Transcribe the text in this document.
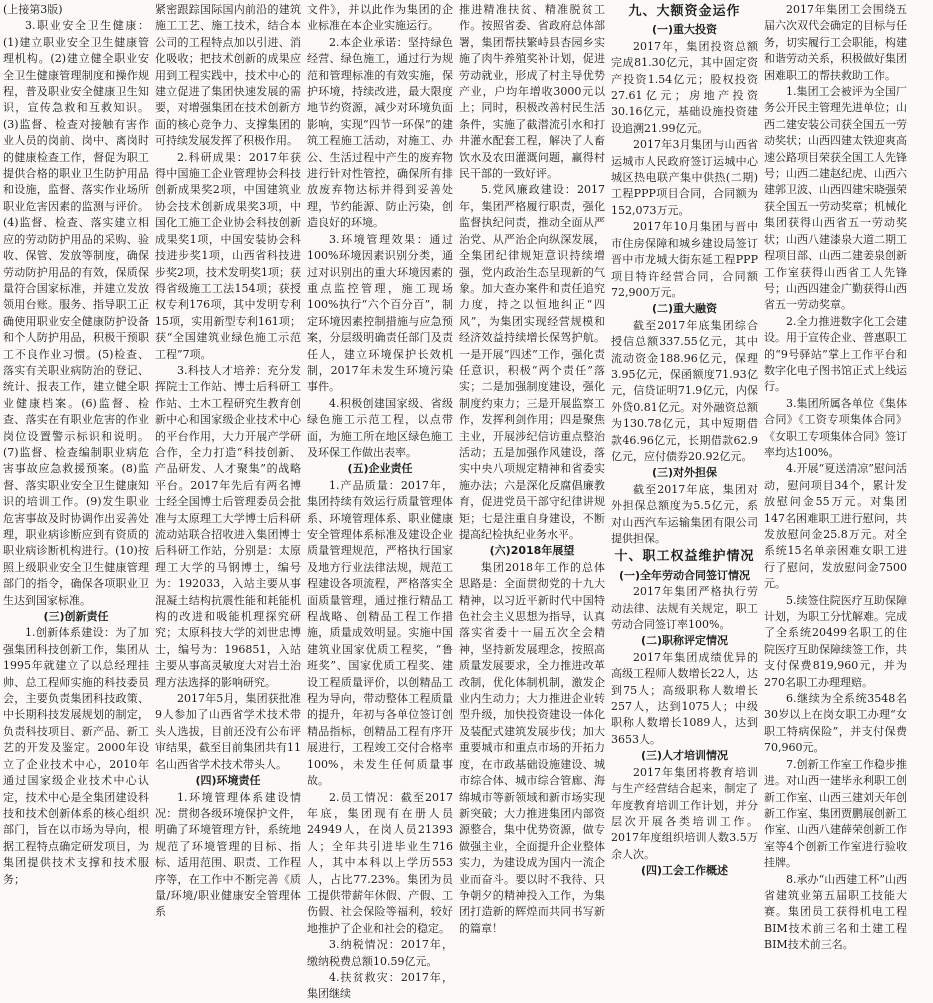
(上接第3版)

3.职业安全卫生健康：(1)建立职业安全卫生健康管理机构。(2)建立健全职业安全卫生健康管理制度和操作规程，普及职业安全健康卫生知识，宣传急救和互救知识。(3)监督、检查对接触有害作业人员的岗前、岗中、离岗时的健康检查工作，督促为职工提供合格的职业卫生防护用品和设施，监督、落实作业场所职业危害因素的监测与评价。(4)监督、检查、落实建立相应的劳动防护用品的采购、验收、保管、发放等制度，确保劳动防护用品的有效，保质保量符合国家标准，并建立发放领用台账。服务、指导职工正确使用职业安全健康防护设备和个人防护用品，积极干预职工不良作业习惯。(5)检查、落实有关职业病防治的登记、统计、报表工作，建立健全职业健康档案。(6)监督、检查、落实在有职业危害的作业岗位设置警示标识和说明。(7)监督、检查编制职业病危害事故应急救援预案。(8)监督、落实职业安全卫生健康知识的培训工作。(9)发生职业危害事故及时协调作出妥善处理，职业病诊断应到有资质的职业病诊断机构进行。(10)按照上级职业安全卫生健康管理部门的指令，确保各项职业卫生达到国家标准。

(三)创新责任

1.创新体系建设：为了加强集团科技创新工作，集团从1995年就建立了以总经理挂帅、总工程师实施的科技委员会，主要负责集团科技政策、中长期科技发展规划的制定，负责科技项目、新产品、新工艺的开发及鉴定。2000年设立了企业技术中心，2010年通过国家级企业技术中心认定，技术中心是全集团建设科技和技术创新体系的核心组织部门，旨在以市场为导向，根据工程特点确定研发项目，为集团提供技术支撑和技术服务；

紧密跟踪国际国内前沿的建筑施工工艺、施工技术，结合本公司的工程特点加以引进、消化吸收；把技术创新的成果应用到工程实践中，技术中心的建立促进了集团快速发展的需要，对增强集团在技术创新方面的核心竞争力、支撑集团的可持续发展发挥了积极作用。

2.科研成果：2017年获得中国施工企业管理协会科技创新成果奖2项，中国建筑业协会技术创新成果奖3项，中国化工施工企业协会科技创新成果奖1项，中国安装协会科技进步奖1项，山西省科技进步奖2项，技术发明奖1项；获得省级施工工法154项；获授权专利176项，其中发明专利15项，实用新型专利161项；获“全国建筑业绿色施工示范工程”7项。

3.科技人才培养：充分发挥院士工作站、博士后科研工作站、土木工程研究生教育创新中心和国家级企业技术中心的平台作用，大力开展产学研合作，全力打造“科技创新、产品研发、人才聚集”的战略平台。2017年先后有两名博士经全国博士后管理委员会批准与太原理工大学博士后科研流动站联合招收进入集团博士后科研工作站，分别是：太原理工大学的马钢博士，编号为：192033，入站主要从事混凝土结构抗震性能和耗能机构的改进和吸能机理探究研究；太原科技大学的刘世忠博士，编号为：196851，入站主要从事高灵敏度大对岩土治理方法选择的影响研究。

2017年5月，集团获批准9人参加了山西省学术技术带头人选拔，目前还没有公布评审结果，截至目前集团共有11名山西省学术技术带头人。

(四)环境责任

1.环境管理体系建设情况：贯彻各级环境保护文件，明确了环境管理方针，系统地规范了环境管理的目标、指标、适用范围、职责、工作程序等，在工作中不断完善《质量/环境/职业健康安全管理体系

文件》，并以此作为集团的企业标准在本企业实施运行。

2.本企业承诺：坚持绿色经营、绿色施工，通过行为规范和管理标准的有效实施，保护环境，持续改进，最大限度地节约资源，减少对环境负面影响，实现“四节一环保”的建筑工程施工活动，对施工、办公、生活过程中产生的废弃物进行针对性管控，确保所有排放废弃物达标并得到妥善处理，节约能源、防止污染，创造良好的环境。

3.环境管理效果：通过100%环境因素识别分类，通过对识别出的重大环境因素的重点监控管理，施工现场100%执行“六个百分百”，制定环境因素控制措施与应急预案，分层级明确责任部门及责任人，建立环境保护长效机制，2017年未发生环境污染事件。

4.积极创建国家级、省级绿色施工示范工程，以点带面，为施工所在地区绿色施工及环保工作做出表率。

(五)企业责任

1.产品质量：2017年，集团持续有效运行质量管理体系、环境管理体系、职业健康安全管理体系标准及建设企业质量管理规范，严格执行国家及地方行业法律法规，规范工程建设各项流程，严格落实全面质量管理，通过推行精品工程战略、创精品工程工作措施，质量成效明显。实施中国建筑业国家优质工程奖，“鲁班奖”、国家优质工程奖、建设工程质量评价，以创精品工程为导向，带动整体工程质量的提升，年初与各单位签订创精品指标，创精品工程有序开展进行，工程竣工交付合格率100%，未发生任何质量事故。

2.员工情况：截至2017年底，集团现有在册人员24949人，在岗人员21393人；全年共引进毕业生716人，其中本科以上学历553人，占比77.23%。集团为员工提供带薪年休假、产假、工伤假、社会保险等福利，较好地推护了企业和社会的稳定。

3.纳税情况：2017年，缴纳税费总额10.59亿元。

4.扶贫救灾：2017年，集团继续

推进精准扶贫、精准脱贫工作。按照省委、省政府总体部署，集团帮扶繁峙县杏园乡实施了肉牛养殖奖补计划，促进劳动就业，形成了村主导优势产业，户均年增收3000元以上；同时，积极改善村民生活条件，实施了截潜流引水和打井灌水配套工程，解决了人畜饮水及农田灌溉问题，赢得村民干部的一致好评。

5.党风廉政建设：2017年，集团严格履行职责，强化监督执纪问责，推动全面从严治党、从严治企向纵深发展，全集团纪律规矩意识持续增强，党内政治生态呈现新的气象。加大查办案件和责任追究力度，持之以恒地纠正“四风”，为集团实现经营规模和经济效益持续增长保驾护航。一是开展“四述”工作，强化责任意识，积极“两个责任”落实；二是加强制度建设，强化制度约束力；三是开展监察工作，发挥利剑作用；四是聚焦主业，开展涉纪信访重点整治活动；五是加强作风建设，落实中央八项规定精神和省委实施办法；六是深化反腐倡廉教育，促进党员干部守纪律讲规矩；七是注重自身建设，不断提高纪检执纪业务水平。

(六)2018年展望

集团2018年工作的总体思路是：全面贯彻党的十九大精神，以习近平新时代中国特色社会主义思想为指导，认真落实省委十一届五次全会精神，坚持新发展理念，按照高质量发展要求，全力推进改革改制，优化体制机制，激发企业内生动力；大力推进企业转型升级，加快投资建设一体化及装配式建筑发展步伐；加大重要城市和重点市场的开拓力度，在市政基础设施建设、城市综合体、城市综合管廊、海绵城市等新领域和新市场实现新突破；大力推进集团内部资源整合，集中优势资源，做专做强主业，全面提升企业整体实力，为建设成为国内一流企业而奋斗。要以时不我待、只争朝夕的精神投入工作，为集团打造新的辉煌而共同书写新的篇章！

九、大额资金运作
(一)重大投资

2017年，集团投资总额完成81.30亿元，其中固定资产投资1.54亿元；股权投资27.61亿元；房地产投资30.16亿元，基础设施投资建设追溯21.99亿元。

2017年3月集团与山西省运城市人民政府签订运城中心城区热电联产集中供热(二期)工程PPP项目合同，合同额为152,073万元。

2017年10月集团与晋中市住房保障和城乡建设局签订晋中市龙城大街东延工程PPP项目特许经营合同，合同额72,900万元。

(二)重大融资

截至2017年底集团综合授信总额337.55亿元，其中流动资金188.96亿元，保理3.95亿元，保函额度71.93亿元，信贷证明71.9亿元，内保外贷0.81亿元。对外融资总额为130.78亿元，其中短期借款46.96亿元，长期借款62.9亿元，应付债券20.92亿元。

(三)对外担保

截至2017年底，集团对外担保总额度为5.5亿元，系对山西汽车运输集团有限公司提供担保。

十、职工权益维护情况
(一)全年劳动合同签订情况

2017年集团严格执行劳动法律、法规有关规定，职工劳动合同签订率100%。

(二)职称评定情况

2017年集团成绩优异的高级工程师人数增长22人，达到75人；高级职称人数增长257人，达到1075人；中级职称人数增长1089人，达到3653人。

(三)人才培训情况

2017年集团将教育培训与生产经营结合起来，制定了年度教育培训工作计划，并分层次开展各类培训工作。2017年度组织培训人数3.5万余人次。

(四)工会工作概述

2017年集团工会围绕五届六次双代会确定的目标与任务，切实履行工会职能，构建和谐劳动关系，积极做好集团困难职工的帮扶救助工作。

1.集团工会被评为全国厂务公开民主管理先进单位；山西二建安装公司获全国五一劳动奖状；山西四建太铁迎爽高速公路项目荣获全国工人先锋号；山西二建赵纪虎、山西六建郭卫波、山西四建宋晓强荣获全国五一劳动奖章；机械化集团获得山西省五一劳动奖状；山西八建漆泉大道二期工程项目部、山西二建姜泉创新工作室获得山西省工人先锋号；山西四建金广勤获得山西省五一劳动奖章。

2.全力推进数字化工会建设。用于宣传企业、普惠职工的“9号驿站”掌上工作平台和数字化电子图书馆正式上线运行。

3.集团所属各单位《集体合同》《工资专项集体合同》《女职工专项集体合同》签订率均达100%。

4.开展“夏送清凉”慰问活动，慰问项目34个，累计发放慰问金55万元。对集团147名困难职工进行慰问，共发放慰问金25.8万元。对全系统15名单亲困难女职工进行了慰问，发放慰问金7500元。

5.续签住院医疗互助保障计划，为职工分忧解难。完成了全系统20499名职工的住院医疗互助保障续签工作，共支付保费819,960元，并为270名职工办理理赔。

6.继续为全系统3548名30岁以上在岗女职工办理“女职工特病保险”，并支付保费70,960元。

7.创新工作室工作稳步推进。对山西一建毕永利职工创新工作室、山西三建刘天年创新工作室、集团贾鹏展创新工作室、山西八建薛荣创新工作室等4个创新工作室进行验收挂牌。

8.承办“山西建工杯”山西省建筑业第五届职工技能大赛。集团员工获得机电工程BIM技术前三名和土建工程BIM技术前三名。
